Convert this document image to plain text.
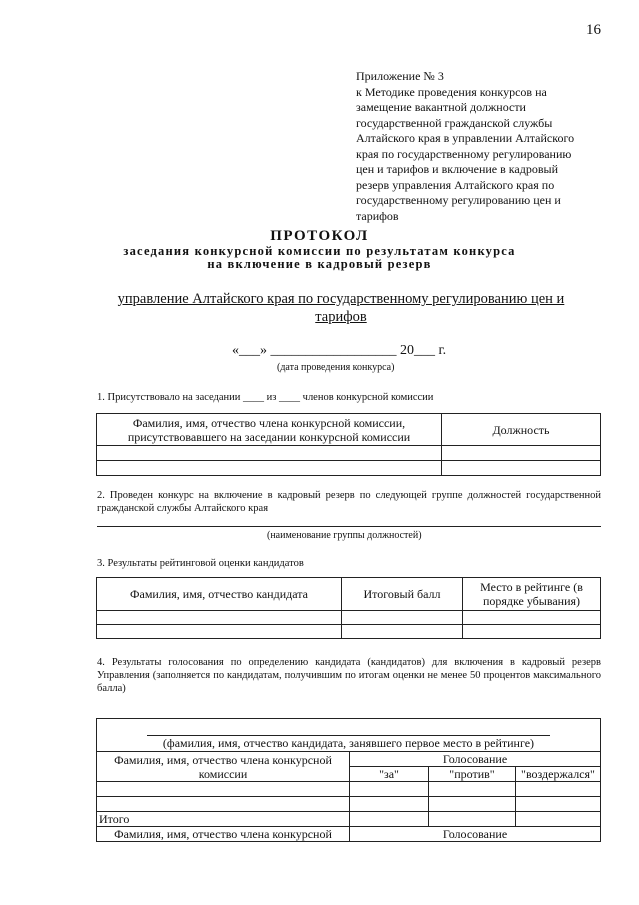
16
Приложение № 3
к Методике проведения конкурсов на
замещение вакантной должности
государственной гражданской службы
Алтайского края в управлении Алтайского
края по государственному регулированию
цен и тарифов и включение в кадровый
резерв управления Алтайского края по
государственному регулированию цен и
тарифов
ПРОТОКОЛ
заседания конкурсной комиссии по результатам конкурса
на включение в кадровый резерв
управление Алтайского края по государственному регулированию цен и
тарифов
«___» __________________ 20___ г.
(дата проведения конкурса)
1. Присутствовало на заседании ____ из ____ членов конкурсной комиссии
Фамилия, имя, отчество члена конкурсной комиссии, присутствовавшего на заседании конкурсной комиссии	Должность

2. Проведен конкурс на включение в кадровый резерв по следующей группе должностей государственной гражданской службы Алтайского края
(наименование группы должностей)
3. Результаты рейтинговой оценки кандидатов
Фамилия, имя, отчество кандидата	Итоговый балл	Место в рейтинге (в порядке убывания)

4. Результаты голосования по определению кандидата (кандидатов) для включения в кадровый резерв Управления (заполняется по кандидатам, получившим по итогам оценки не менее 50 процентов максимального балла)
(фамилия, имя, отчество кандидата, занявшего первое место в рейтинге)			
Фамилия, имя, отчество члена конкурсной комиссии	Голосование		
	"за"	"против"	"воздержался"

Итого			
Фамилия, имя, отчество члена конкурсной	Голосование		
